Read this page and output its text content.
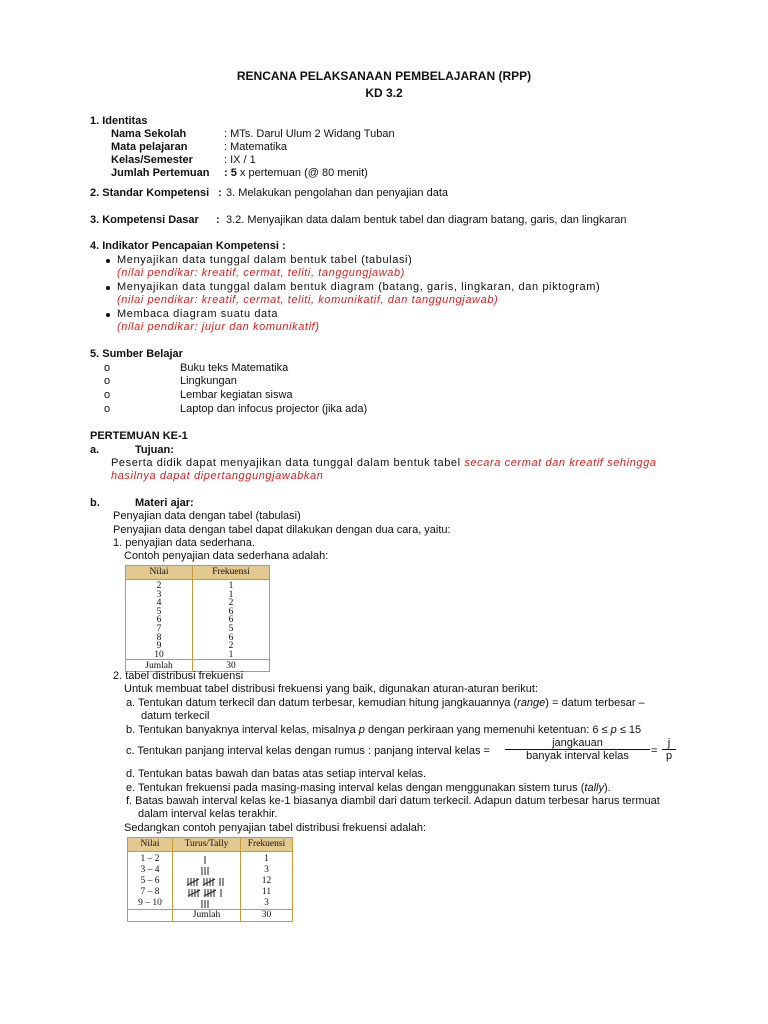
RENCANA PELAKSANAAN PEMBELAJARAN (RPP)
KD 3.2
1. Identitas
Nama Sekolah	: MTs. Darul Ulum 2 Widang Tuban
Mata pelajaran	: Matematika
Kelas/Semester	: IX / 1
Jumlah Pertemuan : 5 x pertemuan (@ 80 menit)
2. Standar Kompetensi : 3. Melakukan pengolahan dan penyajian data
3. Kompetensi Dasar : 3.2. Menyajikan data dalam bentuk tabel dan diagram batang, garis, dan lingkaran
4. Indikator Pencapaian Kompetensi :
Menyajikan data tunggal dalam bentuk tabel (tabulasi)
(nilai pendikar: kreatif, cermat, teliti, tanggungjawab)
Menyajikan data tunggal dalam bentuk diagram (batang, garis, lingkaran, dan piktogram)
(nilai pendikar: kreatif, cermat, teliti, komunikatif, dan tanggungjawab)
Membaca diagram suatu data
(nilai pendikar: jujur dan komunikatif)
5. Sumber Belajar
o	Buku teks Matematika
o	Lingkungan
o	Lembar kegiatan siswa
o	Laptop dan infocus projector (jika ada)
PERTEMUAN KE-1
a.	Tujuan:
Peserta didik dapat menyajikan data tunggal dalam bentuk tabel secara cermat dan kreatif sehingga
hasilnya dapat dipertanggungjawabkan
b.	Materi ajar:
Penyajian data dengan tabel (tabulasi)
Penyajian data dengan tabel dapat dilakukan dengan dua cara, yaitu:
1. penyajian data sederhana.
Contoh penyajian data sederhana adalah:
Nilai	Frekuensi
2	1
3	1
4	2
5	6
6	6
7	5
8	6
9	2
10	1
Jumlah	30
2. tabel distribusi frekuensi
Untuk membuat tabel distribusi frekuensi yang baik, digunakan aturan-aturan berikut:
a. Tentukan datum terkecil dan datum terbesar, kemudian hitung jangkauannya (range) = datum terbesar –
datum terkecil
b. Tentukan banyaknya interval kelas, misalnya p dengan perkiraan yang memenuhi ketentuan: 6 ≤ p ≤ 15
c. Tentukan panjang interval kelas dengan rumus : panjang interval kelas =
jangkauan
banyak interval kelas	= $\frac{j}{p}$
d. Tentukan batas bawah dan batas atas setiap interval kelas.
e. Tentukan frekuensi pada masing-masing interval kelas dengan menggunakan sistem turus (tally).
f. Batas bawah interval kelas ke-1 biasanya diambil dari datum terkecil. Adapun datum terbesar harus termuat
dalam interval kelas terakhir.
Sedangkan contoh penyajian tabel distribusi frekuensi adalah:
Nilai	Turus/Tally	Frekuensi
1 – 2		1
3 – 4		3
5 – 6		12
7 – 8		11
9 – 10		3
	Jumlah	30
